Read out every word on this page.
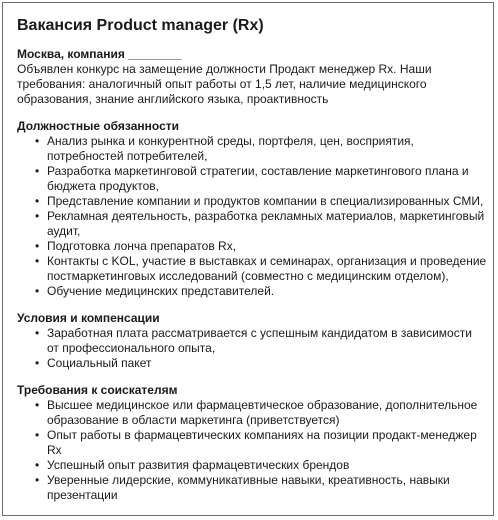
Вакансия Product manager (Rx)
Москва, компания ________
Объявлен конкурс на замещение должности Продакт менеджер Rx. Наши требования: аналогичный опыт работы от 1,5 лет, наличие медицинского образования, знание английского языка, проактивность
Должностные обязанности
• Анализ рынка и конкурентной среды, портфеля, цен, восприятия, потребностей потребителей,
• Разработка маркетинговой стратегии, составление маркетингового плана и бюджета продуктов,
• Представление компании и продуктов компании в специализированных СМИ,
• Рекламная деятельность, разработка рекламных материалов, маркетинговый аудит,
• Подготовка лонча препаратов Rx,
• Контакты с KOL, участие в выставках и семинарах, организация и проведение постмаркетинговых исследований (совместно с медицинским отделом),
• Обучение медицинских представителей.
Условия и компенсации
• Заработная плата рассматривается с успешным кандидатом в зависимости от профессионального опыта,
• Социальный пакет
Требования к соискателям
• Высшее медицинское или фармацевтическое образование, дополнительное образование в области маркетинга (приветствуется)
• Опыт работы в фармацевтических компаниях на позиции продакт-менеджер Rx
• Успешный опыт развития фармацевтических брендов
• Уверенные лидерские, коммуникативные навыки, креативность, навыки презентации
